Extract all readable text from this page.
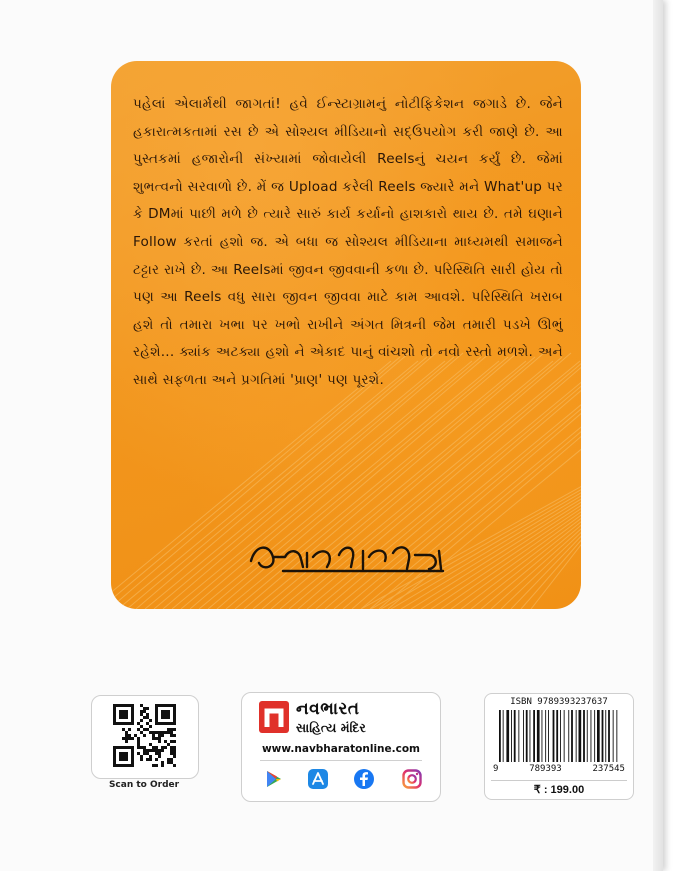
પહેલાં એલાર્મથી જાગતાં! હવે ઈન્સ્ટાગ્રામનું નોટીફિકેશન જગાડે છે. જેને હકારાત્મકતામાં રસ છે એ સોશ્યલ મીડિયાનો સદ્ઉપયોગ કરી જાણે છે. આ પુસ્તકમાં હજારોની સંખ્યામાં જોવાયેલી Reelsનું ચયન કર્યું છે. જેમાં શુભત્વનો સરવાળો છે. મેં જ Upload કરેલી Reels જ્યારે મને What'up પર કે DMમાં પાછી મળે છે ત્યારે સારું કાર્ય કર્યાનો હાશકારો થાય છે. તમે ઘણાને Follow કરતાં હશો જ. એ બધા જ સોશ્યલ મીડિયાના માધ્યમથી સમાજને ટટ્ટાર રાખે છે. આ Reelsમાં જીવન જીવવાની કળા છે. પરિસ્થિતિ સારી હોય તો પણ આ Reels વધુ સારા જીવન જીવવા માટે કામ આવશે. પરિસ્થિતિ ખરાબ હશે તો તમારા ખભા પર ખભો રાખીને અંગત મિત્રની જેમ તમારી પડખે ઊભું રહેશે... ક્યાંક અટક્યા હશો ને એકાદ પાનું વાંચશો તો નવો રસ્તો મળશે. અને સાથે સફળતા અને પ્રગતિમાં 'પ્રાણ' પણ પૂરશે.
Scan to Order
નવભારત
સાહિત્ય મંદિર
www.navbharatonline.com
ISBN 9789393237637
9	789393	237545
₹ : 199.00
